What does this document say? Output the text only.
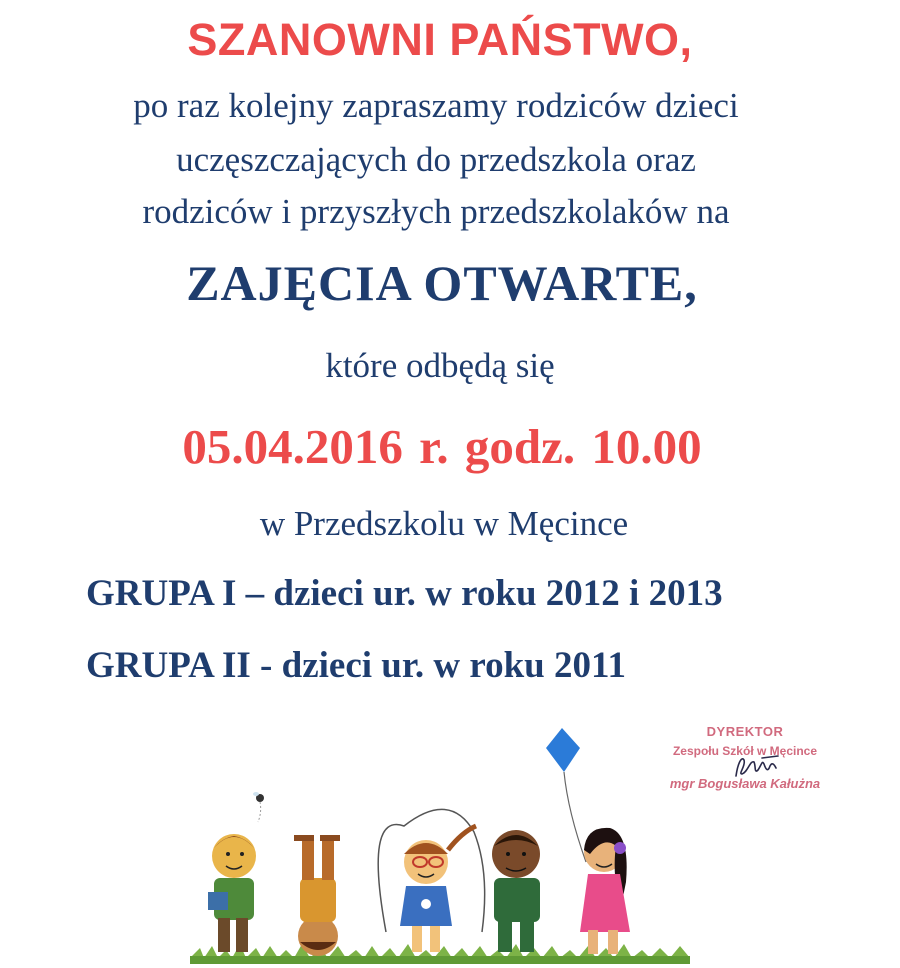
SZANOWNI PAŃSTWO,
po raz kolejny zapraszamy rodziców dzieci
uczęszczających do przedszkola oraz
rodziców i przyszłych przedszkolaków na
ZAJĘCIA OTWARTE,
które odbędą się
05.04.2016 r. godz. 10.00
w Przedszkolu w Męcince
GRUPA I – dzieci ur. w roku 2012 i 2013
GRUPA II - dzieci ur. w roku 2011
DYREKTOR
Zespołu Szkół w Męcince
mgr Bogusława Kałużna
